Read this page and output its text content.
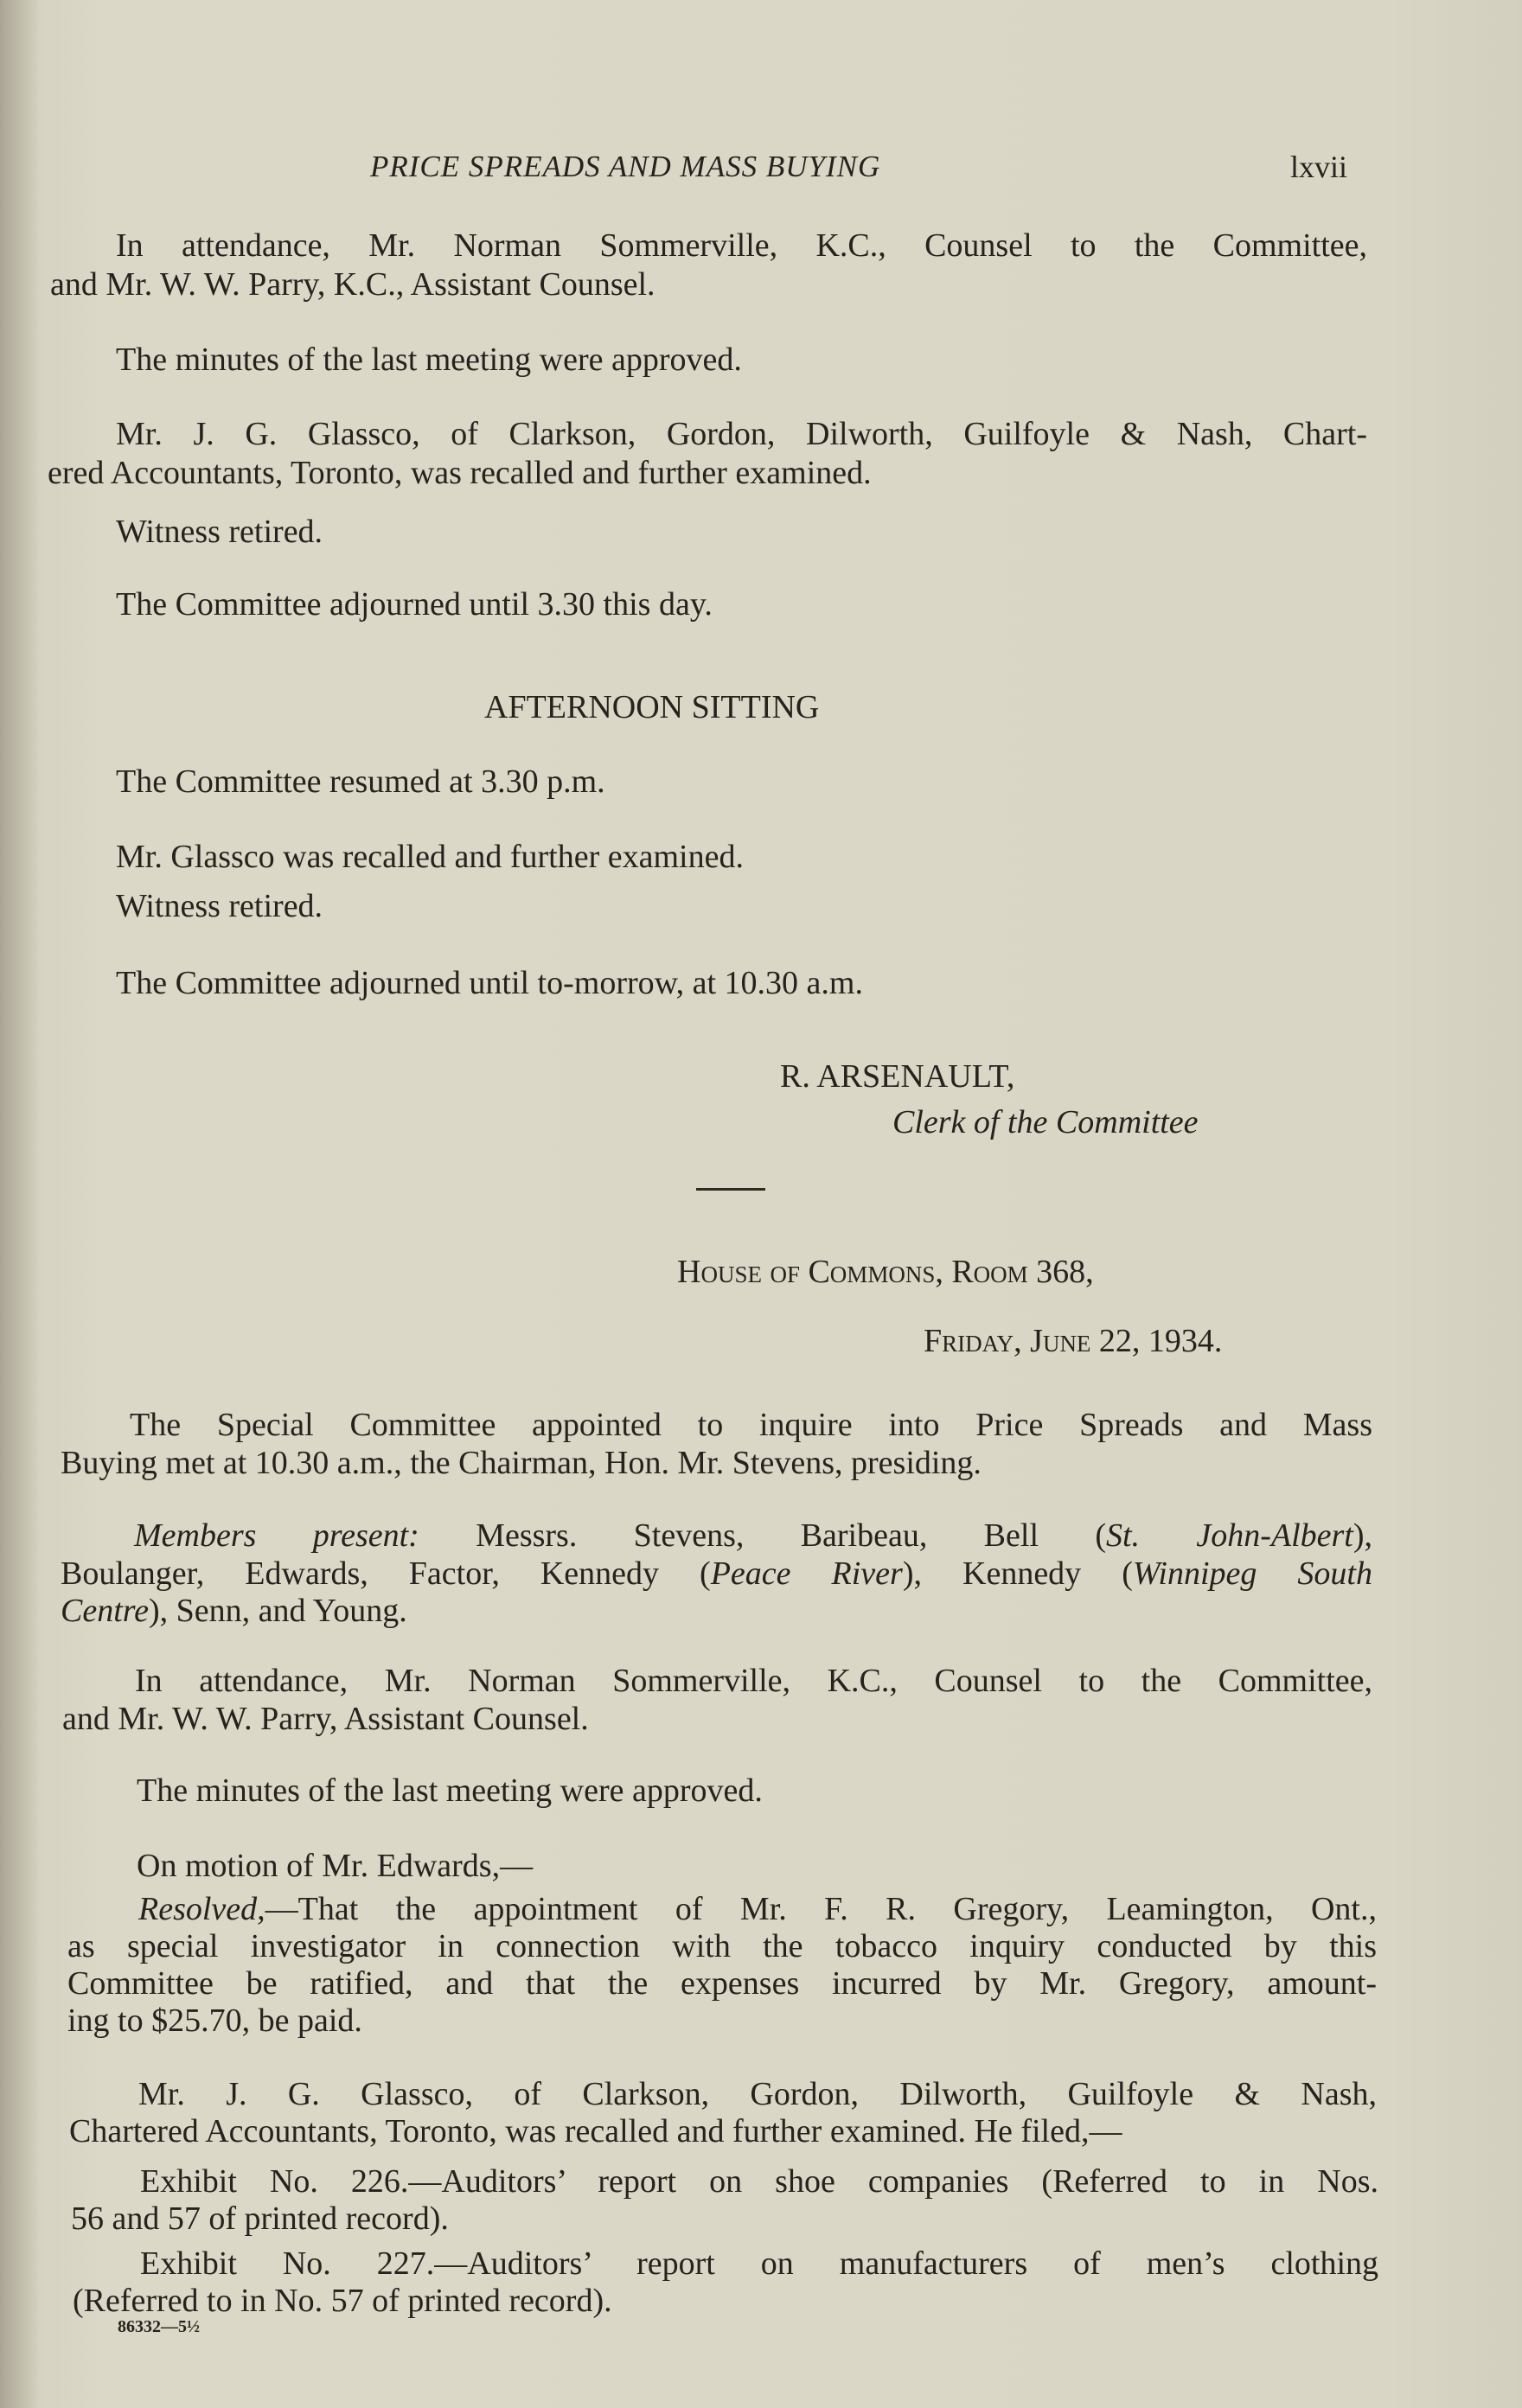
PRICE SPREADS AND MASS BUYING	lxvii
In attendance, Mr. Norman Sommerville, K.C., Counsel to the Committee,
and Mr. W. W. Parry, K.C., Assistant Counsel.
The minutes of the last meeting were approved.
Mr. J. G. Glassco, of Clarkson, Gordon, Dilworth, Guilfoyle & Nash, Chart-
ered Accountants, Toronto, was recalled and further examined.
Witness retired.
The Committee adjourned until 3.30 this day.
AFTERNOON SITTING
The Committee resumed at 3.30 p.m.
Mr. Glassco was recalled and further examined.
Witness retired.
The Committee adjourned until to-morrow, at 10.30 a.m.
R. ARSENAULT,
Clerk of the Committee
House of Commons, Room 368,
Friday, June 22, 1934.
The Special Committee appointed to inquire into Price Spreads and Mass
Buying met at 10.30 a.m., the Chairman, Hon. Mr. Stevens, presiding.
Members present: Messrs. Stevens, Baribeau, Bell (St. John-Albert),
Boulanger, Edwards, Factor, Kennedy (Peace River), Kennedy (Winnipeg South
Centre), Senn, and Young.
In attendance, Mr. Norman Sommerville, K.C., Counsel to the Committee,
and Mr. W. W. Parry, Assistant Counsel.
The minutes of the last meeting were approved.
On motion of Mr. Edwards,—
Resolved,—That the appointment of Mr. F. R. Gregory, Leamington, Ont.,
as special investigator in connection with the tobacco inquiry conducted by this
Committee be ratified, and that the expenses incurred by Mr. Gregory, amount-
ing to $25.70, be paid.
Mr. J. G. Glassco, of Clarkson, Gordon, Dilworth, Guilfoyle & Nash,
Chartered Accountants, Toronto, was recalled and further examined. He filed,—
Exhibit No. 226.—Auditors’ report on shoe companies (Referred to in Nos.
56 and 57 of printed record).
Exhibit No. 227.—Auditors’ report on manufacturers of men’s clothing
(Referred to in No. 57 of printed record).
86332—5½
